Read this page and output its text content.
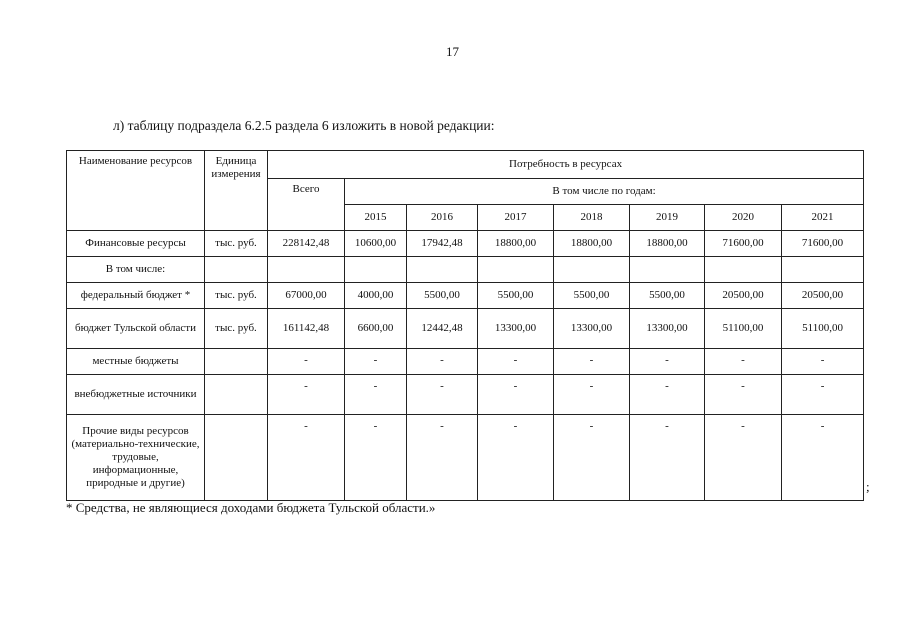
17
л) таблицу подраздела 6.2.5 раздела 6 изложить в новой редакции:
Наименование ресурсов	Единица измерения	Потребность в ресурсах							
		Всего	В том числе по годам:						
			2015	2016	2017	2018	2019	2020	2021
Финансовые ресурсы	тыс. руб.	228142,48	10600,00	17942,48	18800,00	18800,00	18800,00	71600,00	71600,00
В том числе:									
федеральный бюджет *	тыс. руб.	67000,00	4000,00	5500,00	5500,00	5500,00	5500,00	20500,00	20500,00
бюджет Тульской области	тыс. руб.	161142,48	6600,00	12442,48	13300,00	13300,00	13300,00	51100,00	51100,00
местные бюджеты		-	-	-	-	-	-	-	-
внебюджетные источники		-	-	-	-	-	-	-	-
Прочие виды ресурсов (материально-технические, трудовые, информационные, природные и другие)		-	-	-	-	-	-	-	-
;
* Средства, не являющиеся доходами бюджета Тульской области.»
